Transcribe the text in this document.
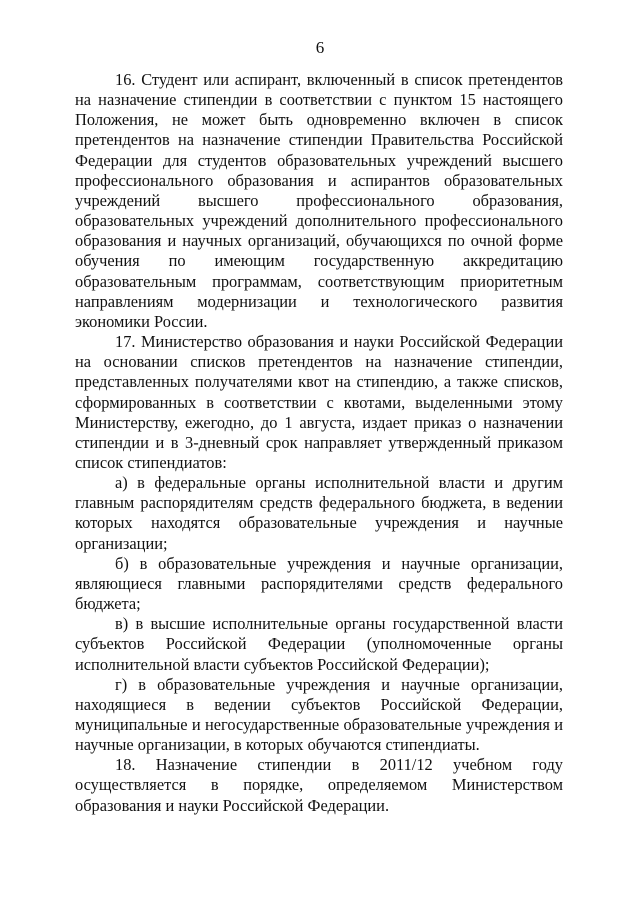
6

16. Студент или аспирант, включенный в список претендентов на назначение стипендии в соответствии с пунктом 15 настоящего Положения, не может быть одновременно включен в список претендентов на назначение стипендии Правительства Российской Федерации для студентов образовательных учреждений высшего профессионального образования и аспирантов образовательных учреждений высшего профессионального образования, образовательных учреждений дополнительного профессионального образования и научных организаций, обучающихся по очной форме обучения по имеющим государственную аккредитацию образовательным программам, соответствующим приоритетным направлениям модернизации и технологического развития экономики России.

17. Министерство образования и науки Российской Федерации на основании списков претендентов на назначение стипендии, представленных получателями квот на стипендию, а также списков, сформированных в соответствии с квотами, выделенными этому Министерству, ежегодно, до 1 августа, издает приказ о назначении стипендии и в 3-дневный срок направляет утвержденный приказом список стипендиатов:

а) в федеральные органы исполнительной власти и другим главным распорядителям средств федерального бюджета, в ведении которых находятся образовательные учреждения и научные организации;

б) в образовательные учреждения и научные организации, являющиеся главными распорядителями средств федерального бюджета;

в) в высшие исполнительные органы государственной власти субъектов Российской Федерации (уполномоченные органы исполнительной власти субъектов Российской Федерации);

г) в образовательные учреждения и научные организации, находящиеся в ведении субъектов Российской Федерации, муниципальные и негосударственные образовательные учреждения и научные организации, в которых обучаются стипендиаты.

18. Назначение стипендии в 2011/12 учебном году осуществляется в порядке, определяемом Министерством образования и науки Российской Федерации.
